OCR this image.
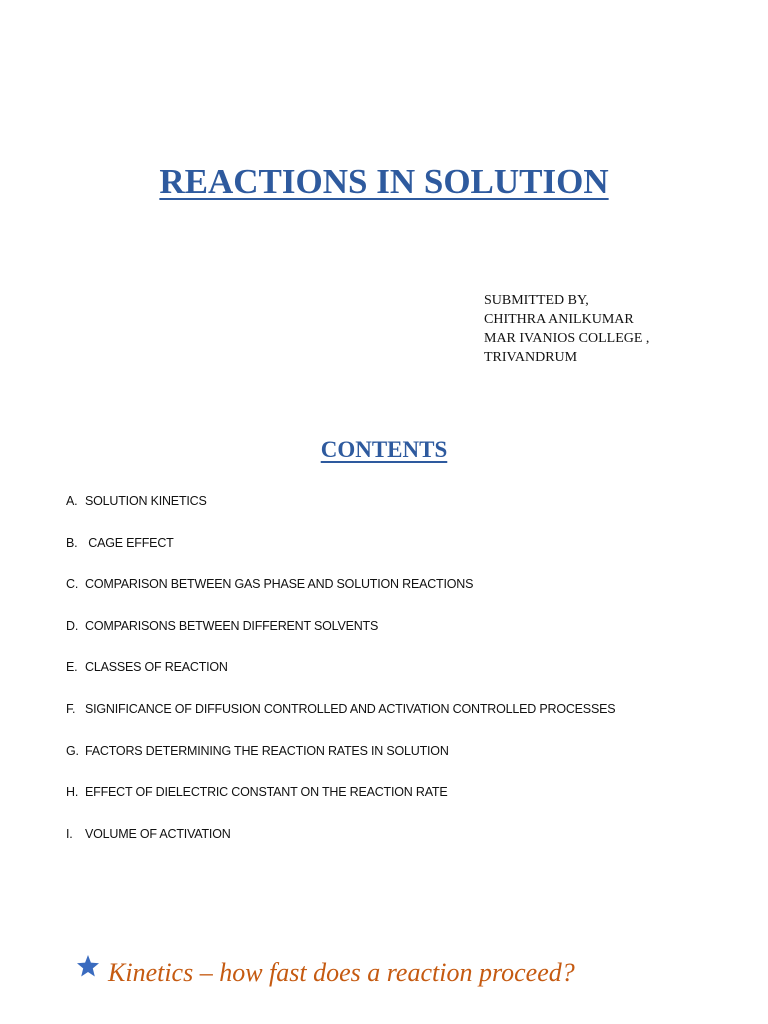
REACTIONS IN SOLUTION
SUBMITTED BY,
CHITHRA ANILKUMAR
MAR IVANIOS COLLEGE ,
TRIVANDRUM
CONTENTS
A. SOLUTION KINETICS
B. CAGE EFFECT
C. COMPARISON BETWEEN GAS PHASE AND SOLUTION REACTIONS
D. COMPARISONS BETWEEN DIFFERENT SOLVENTS
E. CLASSES OF REACTION
F. SIGNIFICANCE OF DIFFUSION CONTROLLED AND ACTIVATION CONTROLLED PROCESSES
G. FACTORS DETERMINING THE REACTION RATES IN SOLUTION
H. EFFECT OF DIELECTRIC CONSTANT ON THE REACTION RATE
I. VOLUME OF ACTIVATION
Kinetics – how fast does a reaction proceed?
